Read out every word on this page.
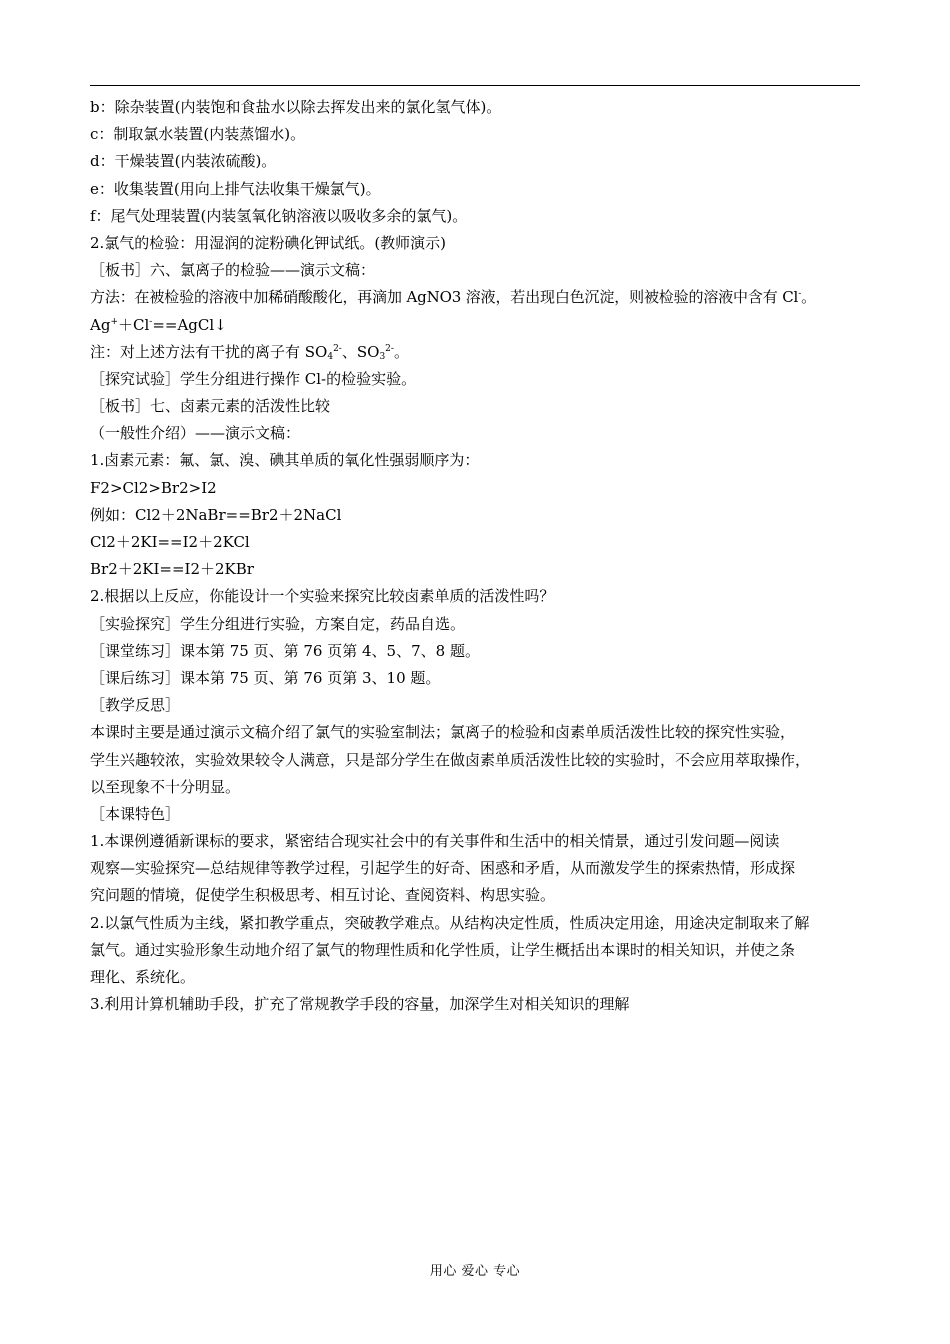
b：除杂装置(内装饱和食盐水以除去挥发出来的氯化氢气体)。
c：制取氯水装置(内装蒸馏水)。
d：干燥装置(内装浓硫酸)。
e：收集装置(用向上排气法收集干燥氯气)。
f：尾气处理装置(内装氢氧化钠溶液以吸收多余的氯气)。
2.氯气的检验：用湿润的淀粉碘化钾试纸。(教师演示)
［板书］六、氯离子的检验——演示文稿：
方法：在被检验的溶液中加稀硝酸酸化，再滴加 AgNO3 溶液，若出现白色沉淀，则被检验的溶液中含有 Cl-。
Ag+＋Cl-==AgCl↓
注：对上述方法有干扰的离子有 $SO_4^{2-}$、$SO_3^{2-}$。
［探究试验］学生分组进行操作 Cl-的检验实验。
［板书］七、卤素元素的活泼性比较
（一般性介绍）——演示文稿：
1.卤素元素：氟、氯、溴、碘其单质的氧化性强弱顺序为：
F2>Cl2>Br2>I2
例如：Cl2＋2NaBr==Br2＋2NaCl
Cl2＋2KI==I2＋2KCl
Br2＋2KI==I2＋2KBr
2.根据以上反应，你能设计一个实验来探究比较卤素单质的活泼性吗？
［实验探究］学生分组进行实验，方案自定，药品自选。
［课堂练习］课本第 75 页、第 76 页第 4、5、7、8 题。
［课后练习］课本第 75 页、第 76 页第 3、10 题。
［教学反思］
本课时主要是通过演示文稿介绍了氯气的实验室制法；氯离子的检验和卤素单质活泼性比较的探究性实验，
学生兴趣较浓，实验效果较令人满意，只是部分学生在做卤素单质活泼性比较的实验时，不会应用萃取操作，
以至现象不十分明显。
［本课特色］
1.本课例遵循新课标的要求，紧密结合现实社会中的有关事件和生活中的相关情景，通过引发问题—阅读
观察—实验探究—总结规律等教学过程，引起学生的好奇、困惑和矛盾，从而激发学生的探索热情，形成探
究问题的情境，促使学生积极思考、相互讨论、查阅资料、构思实验。
2.以氯气性质为主线，紧扣教学重点，突破教学难点。从结构决定性质，性质决定用途，用途决定制取来了解
氯气。通过实验形象生动地介绍了氯气的物理性质和化学性质，让学生概括出本课时的相关知识，并使之条
理化、系统化。
3.利用计算机辅助手段，扩充了常规教学手段的容量，加深学生对相关知识的理解
用心 爱心 专心
